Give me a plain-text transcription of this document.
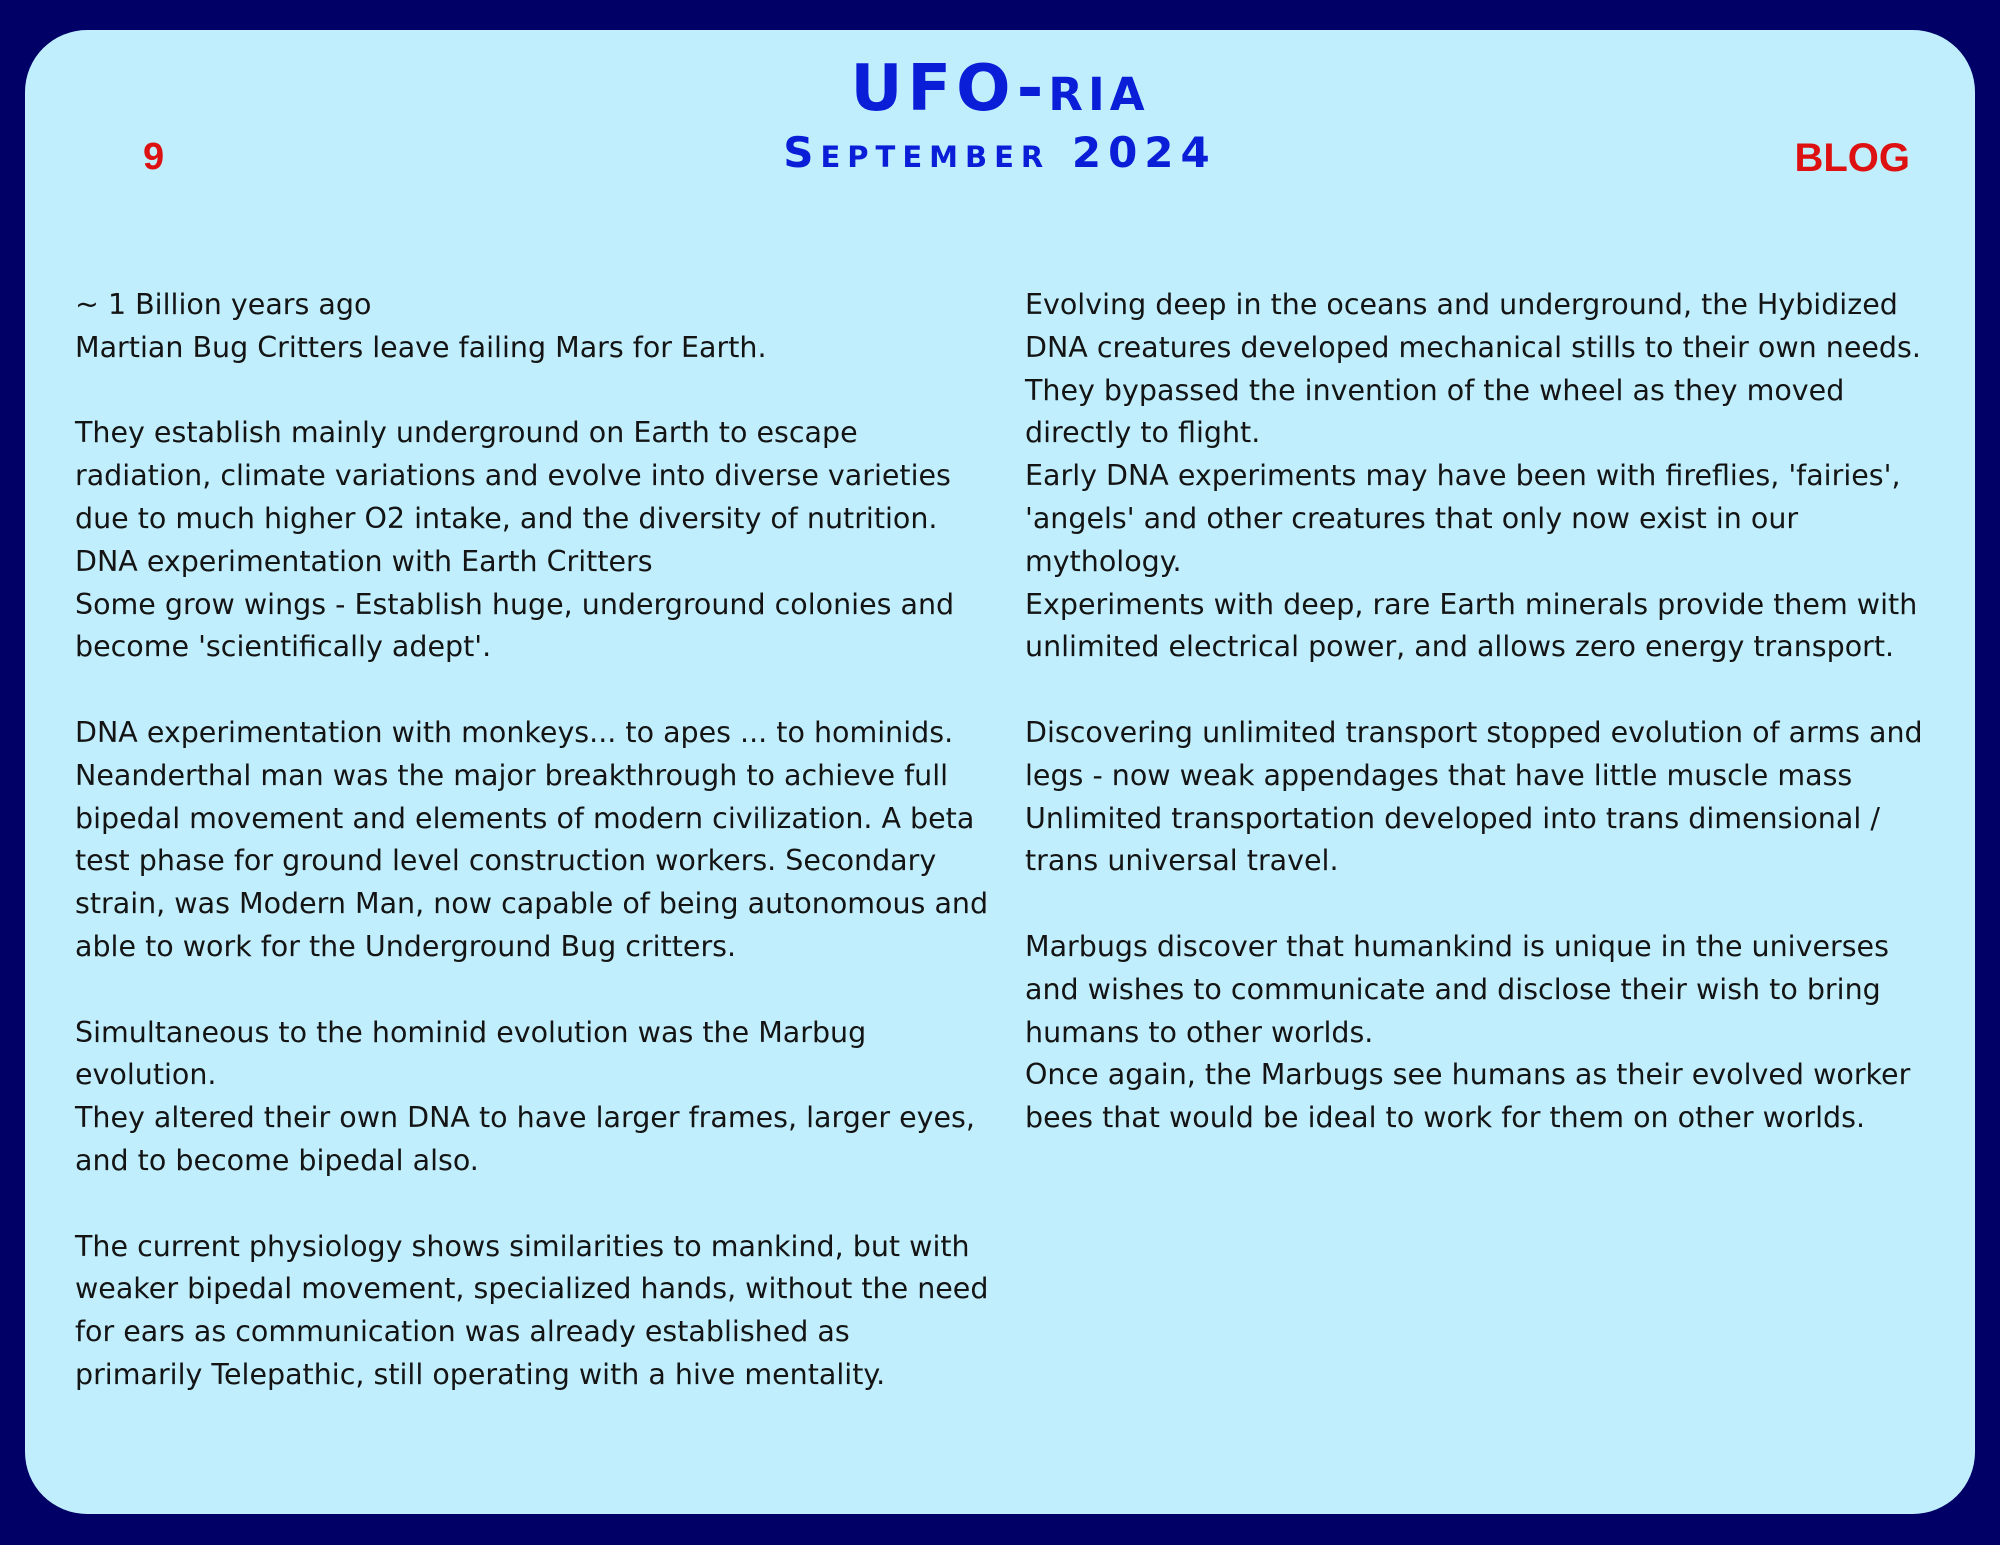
9	BLOG
UFO-ria
September 2024
~ 1 Billion years ago
Martian Bug Critters leave failing Mars for Earth.
They establish mainly underground on Earth to escape
radiation, climate variations and evolve into diverse varieties
due to much higher O2 intake, and the diversity of nutrition.
DNA experimentation with Earth Critters
Some grow wings - Establish huge, underground colonies and
become 'scientifically adept'.
DNA experimentation with monkeys... to apes ... to hominids.
Neanderthal man was the major breakthrough to achieve full
bipedal movement and elements of modern civilization. A beta
test phase for ground level construction workers. Secondary
strain, was Modern Man, now capable of being autonomous and
able to work for the Underground Bug critters.
Simultaneous to the hominid evolution was the Marbug
evolution.
They altered their own DNA to have larger frames, larger eyes,
and to become bipedal also.
The current physiology shows similarities to mankind, but with
weaker bipedal movement, specialized hands, without the need
for ears as communication was already established as
primarily Telepathic, still operating with a hive mentality.
Evolving deep in the oceans and underground, the Hybidized
DNA creatures developed mechanical stills to their own needs.
They bypassed the invention of the wheel as they moved
directly to flight.
Early DNA experiments may have been with fireflies, 'fairies',
'angels' and other creatures that only now exist in our
mythology.
Experiments with deep, rare Earth minerals provide them with
unlimited electrical power, and allows zero energy transport.
Discovering unlimited transport stopped evolution of arms and
legs - now weak appendages that have little muscle mass
Unlimited transportation developed into trans dimensional /
trans universal travel.
Marbugs discover that humankind is unique in the universes
and wishes to communicate and disclose their wish to bring
humans to other worlds.
Once again, the Marbugs see humans as their evolved worker
bees that would be ideal to work for them on other worlds.
